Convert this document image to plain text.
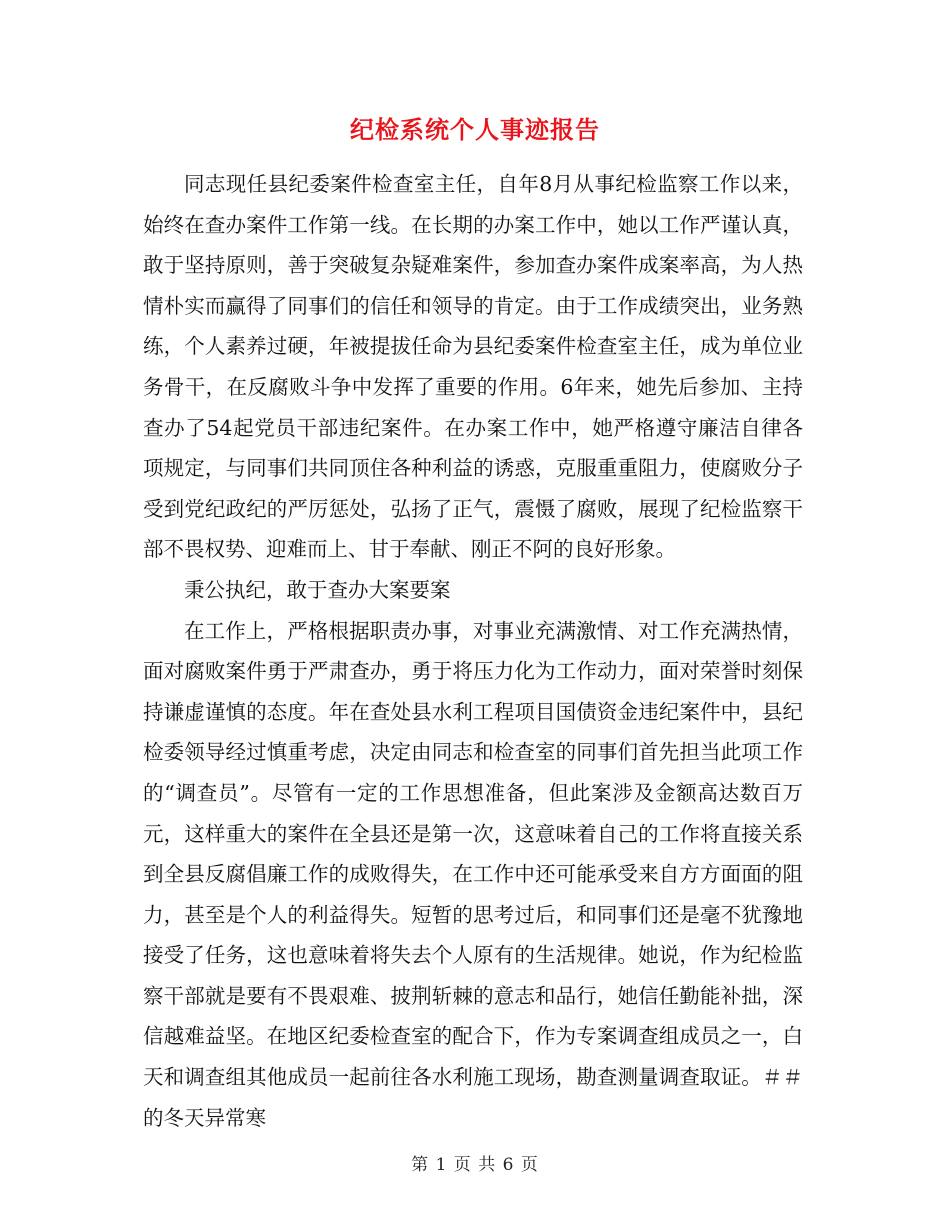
纪检系统个人事迹报告

同志现任县纪委案件检查室主任，自年8月从事纪检监察工作以来，始终在查办案件工作第一线。在长期的办案工作中，她以工作严谨认真，敢于坚持原则，善于突破复杂疑难案件，参加查办案件成案率高，为人热情朴实而赢得了同事们的信任和领导的肯定。由于工作成绩突出，业务熟练，个人素养过硬，年被提拔任命为县纪委案件检查室主任，成为单位业务骨干，在反腐败斗争中发挥了重要的作用。6年来，她先后参加、主持查办了54起党员干部违纪案件。在办案工作中，她严格遵守廉洁自律各项规定，与同事们共同顶住各种利益的诱惑，克服重重阻力，使腐败分子受到党纪政纪的严厉惩处，弘扬了正气，震慑了腐败，展现了纪检监察干部不畏权势、迎难而上、甘于奉献、刚正不阿的良好形象。

秉公执纪，敢于查办大案要案

在工作上，严格根据职责办事，对事业充满激情、对工作充满热情，面对腐败案件勇于严肃查办，勇于将压力化为工作动力，面对荣誉时刻保持谦虚谨慎的态度。年在查处县水利工程项目国债资金违纪案件中，县纪检委领导经过慎重考虑，决定由同志和检查室的同事们首先担当此项工作的“调查员”。尽管有一定的工作思想准备，但此案涉及金额高达数百万元，这样重大的案件在全县还是第一次，这意味着自己的工作将直接关系到全县反腐倡廉工作的成败得失，在工作中还可能承受来自方方面面的阻力，甚至是个人的利益得失。短暂的思考过后，和同事们还是毫不犹豫地接受了任务，这也意味着将失去个人原有的生活规律。她说，作为纪检监察干部就是要有不畏艰难、披荆斩棘的意志和品行，她信任勤能补拙，深信越难益坚。在地区纪委检查室的配合下，作为专案调查组成员之一，白天和调查组其他成员一起前往各水利施工现场，勘查测量调查取证。＃＃的冬天异常寒

第 1 页 共 6 页
